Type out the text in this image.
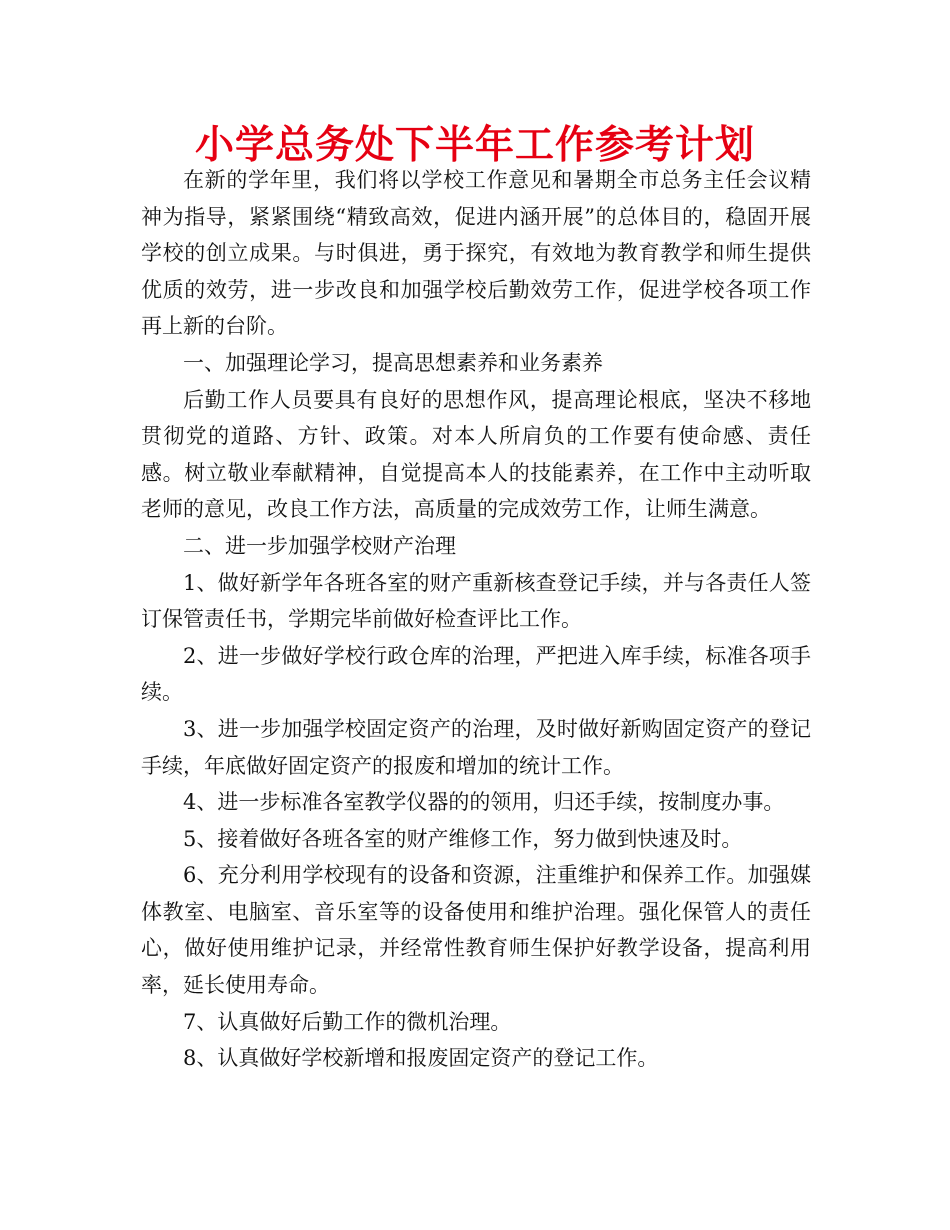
小学总务处下半年工作参考计划

在新的学年里，我们将以学校工作意见和暑期全市总务主任会议精神为指导，紧紧围绕“精致高效，促进内涵开展”的总体目的，稳固开展学校的创立成果。与时俱进，勇于探究，有效地为教育教学和师生提供优质的效劳，进一步改良和加强学校后勤效劳工作，促进学校各项工作再上新的台阶。

一、加强理论学习，提高思想素养和业务素养

后勤工作人员要具有良好的思想作风，提高理论根底，坚决不移地贯彻党的道路、方针、政策。对本人所肩负的工作要有使命感、责任感。树立敬业奉献精神，自觉提高本人的技能素养，在工作中主动听取老师的意见，改良工作方法，高质量的完成效劳工作，让师生满意。

二、进一步加强学校财产治理

1、做好新学年各班各室的财产重新核查登记手续，并与各责任人签订保管责任书，学期完毕前做好检查评比工作。

2、进一步做好学校行政仓库的治理，严把进入库手续，标准各项手续。

3、进一步加强学校固定资产的治理，及时做好新购固定资产的登记手续，年底做好固定资产的报废和增加的统计工作。

4、进一步标准各室教学仪器的的领用，归还手续，按制度办事。

5、接着做好各班各室的财产维修工作，努力做到快速及时。

6、充分利用学校现有的设备和资源，注重维护和保养工作。加强媒体教室、电脑室、音乐室等的设备使用和维护治理。强化保管人的责任心，做好使用维护记录，并经常性教育师生保护好教学设备，提高利用率，延长使用寿命。

7、认真做好后勤工作的微机治理。

8、认真做好学校新增和报废固定资产的登记工作。
